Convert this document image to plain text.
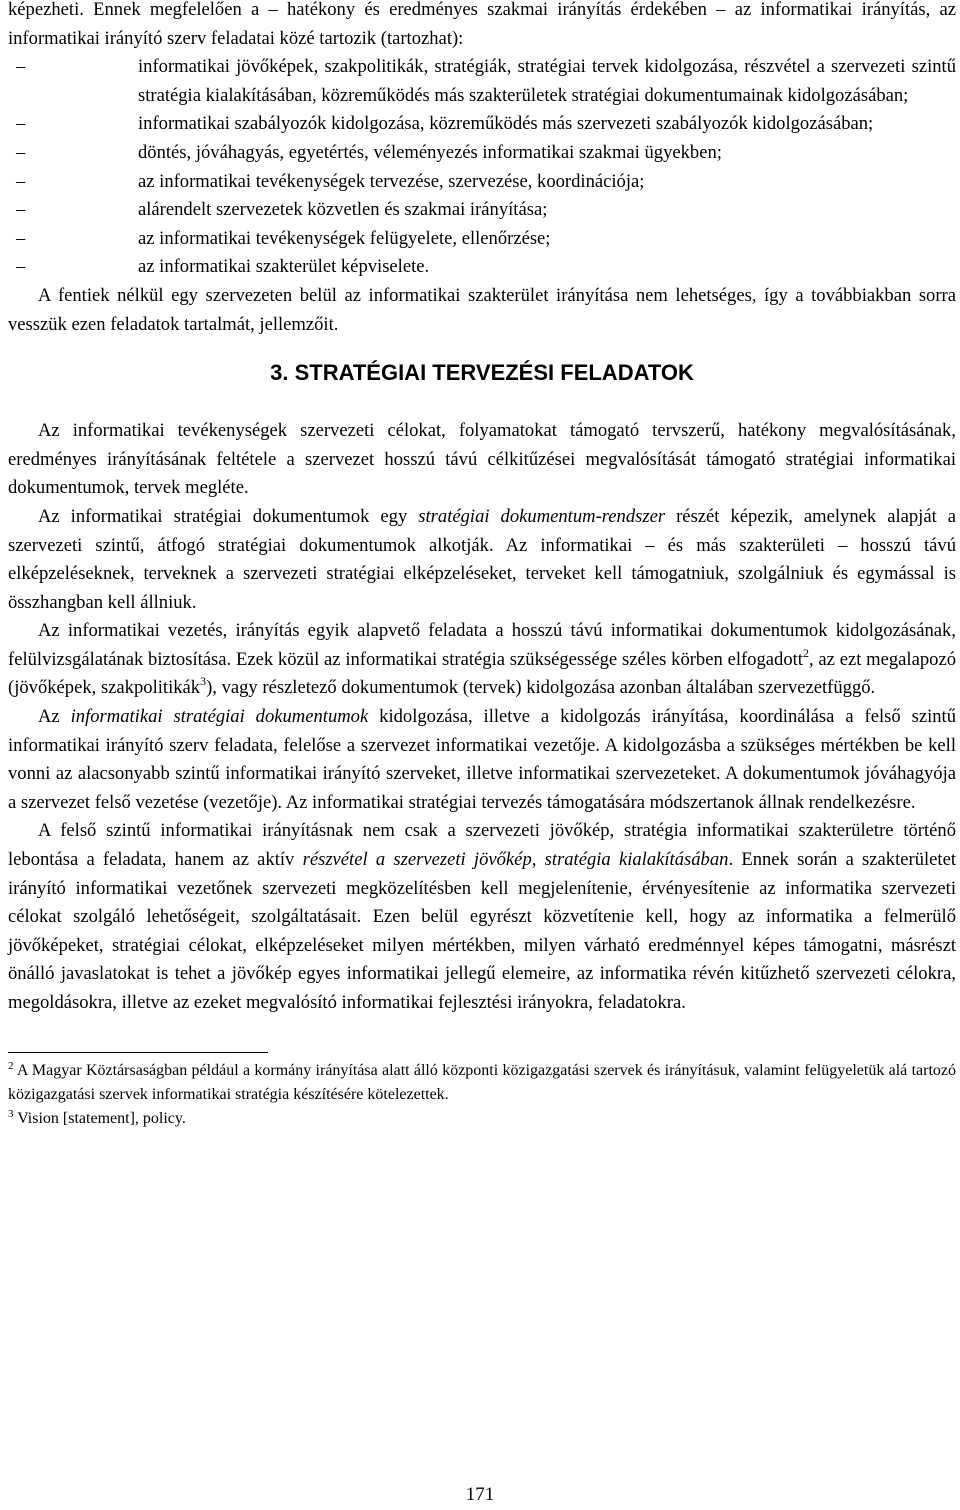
képezheti. Ennek megfelelően a – hatékony és eredményes szakmai irányítás érdekében – az informatikai irányítás, az informatikai irányító szerv feladatai közé tartozik (tartozhat):

–	informatikai jövőképek, szakpolitikák, stratégiák, stratégiai tervek kidolgozása, részvétel a szervezeti szintű stratégia kialakításában, közreműködés más szakterületek stratégiai dokumentumainak kidolgozásában;
–	informatikai szabályozók kidolgozása, közreműködés más szervezeti szabályozók kidolgozásában;
–	döntés, jóváhagyás, egyetértés, véleményezés informatikai szakmai ügyekben;
–	az informatikai tevékenységek tervezése, szervezése, koordinációja;
–	alárendelt szervezetek közvetlen és szakmai irányítása;
–	az informatikai tevékenységek felügyelete, ellenőrzése;
–	az informatikai szakterület képviselete.

A fentiek nélkül egy szervezeten belül az informatikai szakterület irányítása nem lehetséges, így a továbbiakban sorra vesszük ezen feladatok tartalmát, jellemzőit.

3. STRATÉGIAI TERVEZÉSI FELADATOK

Az informatikai tevékenységek szervezeti célokat, folyamatokat támogató tervszerű, hatékony megvalósításának, eredményes irányításának feltétele a szervezet hosszú távú célkitűzései megvalósítását támogató stratégiai informatikai dokumentumok, tervek megléte.

Az informatikai stratégiai dokumentumok egy stratégiai dokumentum-rendszer részét képezik, amelynek alapját a szervezeti szintű, átfogó stratégiai dokumentumok alkotják. Az informatikai – és más szakterületi – hosszú távú elképzeléseknek, terveknek a szervezeti stratégiai elképzeléseket, terveket kell támogatniuk, szolgálniuk és egymással is összhangban kell állniuk.

Az informatikai vezetés, irányítás egyik alapvető feladata a hosszú távú informatikai dokumentumok kidolgozásának, felülvizsgálatának biztosítása. Ezek közül az informatikai stratégia szükségessége széles körben elfogadott$^2$, az ezt megalapozó (jövőképek, szakpolitikák$^3$), vagy részletező dokumentumok (tervek) kidolgozása azonban általában szervezetfüggő.

Az informatikai stratégiai dokumentumok kidolgozása, illetve a kidolgozás irányítása, koordinálása a felső szintű informatikai irányító szerv feladata, felelőse a szervezet informatikai vezetője. A kidolgozásba a szükséges mértékben be kell vonni az alacsonyabb szintű informatikai irányító szerveket, illetve informatikai szervezeteket. A dokumentumok jóváhagyója a szervezet felső vezetése (vezetője). Az informatikai stratégiai tervezés támogatására módszertanok állnak rendelkezésre.

A felső szintű informatikai irányításnak nem csak a szervezeti jövőkép, stratégia informatikai szakterületre történő lebontása a feladata, hanem az aktív részvétel a szervezeti jövőkép, stratégia kialakításában. Ennek során a szakterületet irányító informatikai vezetőnek szervezeti megközelítésben kell megjelenítenie, érvényesítenie az informatika szervezeti célokat szolgáló lehetőségeit, szolgáltatásait. Ezen belül egyrészt közvetítenie kell, hogy az informatika a felmerülő jövőképeket, stratégiai célokat, elképzeléseket milyen mértékben, milyen várható eredménnyel képes támogatni, másrészt önálló javaslatokat is tehet a jövőkép egyes informatikai jellegű elemeire, az informatika révén kitűzhető szervezeti célokra, megoldásokra, illetve az ezeket megvalósító informatikai fejlesztési irányokra, feladatokra.

$^2$ A Magyar Köztársaságban például a kormány irányítása alatt álló központi közigazgatási szervek és irányításuk, valamint felügyeletük alá tartozó közigazgatási szervek informatikai stratégia készítésére kötelezettek.

$^3$ Vision [statement], policy.

171
